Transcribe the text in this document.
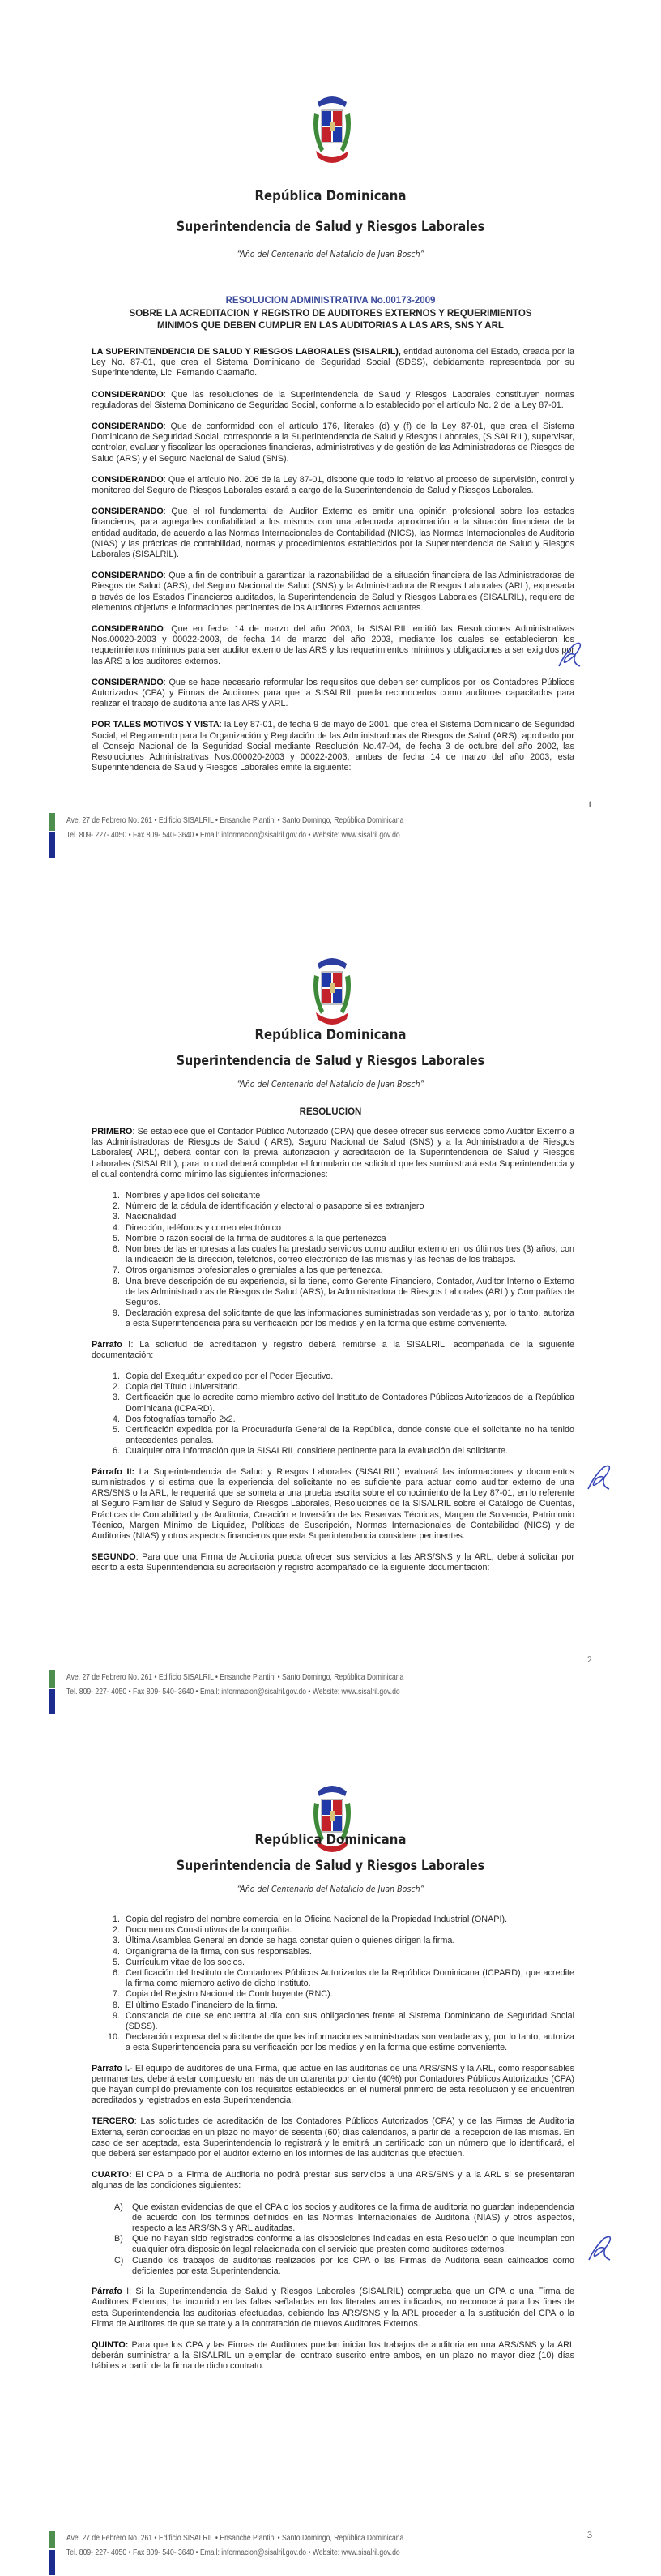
República Dominicana
Superintendencia de Salud y Riesgos Laborales
“Año del Centenario del Natalicio de Juan Bosch”
RESOLUCION ADMINISTRATIVA No.00173-2009
SOBRE LA ACREDITACION Y REGISTRO DE AUDITORES EXTERNOS Y REQUERIMIENTOS
MINIMOS QUE DEBEN CUMPLIR EN LAS AUDITORIAS A LAS ARS, SNS Y ARL

LA SUPERINTENDENCIA DE SALUD Y RIESGOS LABORALES (SISALRIL), entidad autónoma del Estado, creada por la Ley No. 87-01, que crea el Sistema Dominicano de Seguridad Social (SDSS), debidamente representada por su Superintendente, Lic. Fernando Caamaño.

CONSIDERANDO: Que las resoluciones de la Superintendencia de Salud y Riesgos Laborales constituyen normas reguladoras del Sistema Dominicano de Seguridad Social, conforme a lo establecido por el artículo No. 2 de la Ley 87-01.

CONSIDERANDO: Que de conformidad con el artículo 176, literales (d) y (f) de la Ley 87-01, que crea el Sistema Dominicano de Seguridad Social, corresponde a la Superintendencia de Salud y Riesgos Laborales, (SISALRIL), supervisar, controlar, evaluar y fiscalizar las operaciones financieras, administrativas y de gestión de las Administradoras de Riesgos de Salud (ARS) y el Seguro Nacional de Salud (SNS).

CONSIDERANDO: Que el artículo No. 206 de la Ley 87-01, dispone que todo lo relativo al proceso de supervisión, control y monitoreo del Seguro de Riesgos Laborales estará a cargo de la Superintendencia de Salud y Riesgos Laborales.

CONSIDERANDO: Que el rol fundamental del Auditor Externo es emitir una opinión profesional sobre los estados financieros, para agregarles confiabilidad a los mismos con una adecuada aproximación a la situación financiera de la entidad auditada, de acuerdo a las Normas Internacionales de Contabilidad (NICS), las Normas Internacionales de Auditoria (NIAS) y las prácticas de contabilidad, normas y procedimientos establecidos por la Superintendencia de Salud y Riesgos Laborales (SISALRIL).

CONSIDERANDO: Que a fin de contribuir a garantizar la razonabilidad de la situación financiera de las Administradoras de Riesgos de Salud (ARS), del Seguro Nacional de Salud (SNS) y la Administradora de Riesgos Laborales (ARL), expresada a través de los Estados Financieros auditados, la Superintendencia de Salud y Riesgos Laborales (SISALRIL), requiere de elementos objetivos e informaciones pertinentes de los Auditores Externos actuantes.

CONSIDERANDO: Que en fecha 14 de marzo del año 2003, la SISALRIL emitió las Resoluciones Administrativas Nos.00020-2003 y 00022-2003, de fecha 14 de marzo del año 2003, mediante los cuales se establecieron los requerimientos mínimos para ser auditor externo de las ARS y los requerimientos mínimos y obligaciones a ser exigidos por las ARS a los auditores externos.

CONSIDERANDO: Que se hace necesario reformular los requisitos que deben ser cumplidos por los Contadores Públicos Autorizados (CPA) y Firmas de Auditores para que la SISALRIL pueda reconocerlos como auditores capacitados para realizar el trabajo de auditoria ante las ARS y ARL.

POR TALES MOTIVOS Y VISTA: la Ley 87-01, de fecha 9 de mayo de 2001, que crea el Sistema Dominicano de Seguridad Social, el Reglamento para la Organización y Regulación de las Administradoras de Riesgos de Salud (ARS), aprobado por el Consejo Nacional de la Seguridad Social mediante Resolución No.47-04, de fecha 3 de octubre del año 2002, las Resoluciones Administrativas Nos.000020-2003 y 00022-2003, ambas de fecha 14 de marzo del año 2003, esta Superintendencia de Salud y Riesgos Laborales emite la siguiente:

1
Ave. 27 de Febrero No. 261 • Edificio SISALRIL • Ensanche Piantini • Santo Domingo, República Dominicana
Tel. 809- 227- 4050 • Fax 809- 540- 3640 • Email: informacion@sisalril.gov.do • Website: www.sisalril.gov.do
República Dominicana
Superintendencia de Salud y Riesgos Laborales
“Año del Centenario del Natalicio de Juan Bosch”
RESOLUCION

PRIMERO: Se establece que el Contador Público Autorizado (CPA) que desee ofrecer sus servicios como Auditor Externo a las Administradoras de Riesgos de Salud ( ARS), Seguro Nacional de Salud (SNS) y a la Administradora de Riesgos Laborales( ARL), deberá contar con la previa autorización y acreditación de la Superintendencia de Salud y Riesgos Laborales (SISALRIL), para lo cual deberá completar el formulario de solicitud que les suministrará esta Superintendencia y el cual contendrá como mínimo las siguientes informaciones:

1. Nombres y apellidos del solicitante
2. Número de la cédula de identificación y electoral o pasaporte si es extranjero
3. Nacionalidad
4. Dirección, teléfonos y correo electrónico
5. Nombre o razón social de la firma de auditores a la que pertenezca
6. Nombres de las empresas a las cuales ha prestado servicios como auditor externo en los últimos tres (3) años, con la indicación de la dirección, teléfonos, correo electrónico de las mismas y las fechas de los trabajos.
7. Otros organismos profesionales o gremiales a los que pertenezca.
8. Una breve descripción de su experiencia, si la tiene, como Gerente Financiero, Contador, Auditor Interno o Externo de las Administradoras de Riesgos de Salud (ARS), la Administradora de Riesgos Laborales (ARL) y Compañías de Seguros.
9. Declaración expresa del solicitante de que las informaciones suministradas son verdaderas y, por lo tanto, autoriza a esta Superintendencia para su verificación por los medios y en la forma que estime conveniente.

Párrafo I: La solicitud de acreditación y registro deberá remitirse a la SISALRIL, acompañada de la siguiente documentación:

1. Copia del Exequátur expedido por el Poder Ejecutivo.
2. Copia del Título Universitario.
3. Certificación que lo acredite como miembro activo del Instituto de Contadores Públicos Autorizados de la República Dominicana (ICPARD).
4. Dos fotografías tamaño 2x2.
5. Certificación expedida por la Procuraduría General de la República, donde conste que el solicitante no ha tenido antecedentes penales.
6. Cualquier otra información que la SISALRIL considere pertinente para la evaluación del solicitante.

Párrafo II: La Superintendencia de Salud y Riesgos Laborales (SISALRIL) evaluará las informaciones y documentos suministrados y si estima que la experiencia del solicitante no es suficiente para actuar como auditor externo de una ARS/SNS o la ARL, le requerirá que se someta a una prueba escrita sobre el conocimiento de la Ley 87-01, en lo referente al Seguro Familiar de Salud y Seguro de Riesgos Laborales, Resoluciones de la SISALRIL sobre el Catálogo de Cuentas, Prácticas de Contabilidad y de Auditoria, Creación e Inversión de las Reservas Técnicas, Margen de Solvencia, Patrimonio Técnico, Margen Mínimo de Liquidez, Políticas de Suscripción, Normas Internacionales de Contabilidad (NICS) y de Auditorias (NIAS) y otros aspectos financieros que esta Superintendencia considere pertinentes.

SEGUNDO: Para que una Firma de Auditoria pueda ofrecer sus servicios a las ARS/SNS y la ARL, deberá solicitar por escrito a esta Superintendencia su acreditación y registro acompañado de la siguiente documentación:

2
Ave. 27 de Febrero No. 261 • Edificio SISALRIL • Ensanche Piantini • Santo Domingo, República Dominicana
Tel. 809- 227- 4050 • Fax 809- 540- 3640 • Email: informacion@sisalril.gov.do • Website: www.sisalril.gov.do
República Dominicana
Superintendencia de Salud y Riesgos Laborales
“Año del Centenario del Natalicio de Juan Bosch”
1. Copia del registro del nombre comercial en la Oficina Nacional de la Propiedad Industrial (ONAPI).
2. Documentos Constitutivos de la compañía.
3. Última Asamblea General en donde se haga constar quien o quienes dirigen la firma.
4. Organigrama de la firma, con sus responsables.
5. Currículum vitae de los socios.
6. Certificación del Instituto de Contadores Públicos Autorizados de la República Dominicana (ICPARD), que acredite la firma como miembro activo de dicho Instituto.
7. Copia del Registro Nacional de Contribuyente (RNC).
8. El último Estado Financiero de la firma.
9. Constancia de que se encuentra al día con sus obligaciones frente al Sistema Dominicano de Seguridad Social (SDSS).
10. Declaración expresa del solicitante de que las informaciones suministradas son verdaderas y, por lo tanto, autoriza a esta Superintendencia para su verificación por los medios y en la forma que estime conveniente.

Párrafo I.- El equipo de auditores de una Firma, que actúe en las auditorias de una ARS/SNS y la ARL, como responsables permanentes, deberá estar compuesto en más de un cuarenta por ciento (40%) por Contadores Públicos Autorizados (CPA) que hayan cumplido previamente con los requisitos establecidos en el numeral primero de esta resolución y se encuentren acreditados y registrados en esta Superintendencia.

TERCERO: Las solicitudes de acreditación de los Contadores Públicos Autorizados (CPA) y de las Firmas de Auditoría Externa, serán conocidas en un plazo no mayor de sesenta (60) días calendarios, a partir de la recepción de las mismas. En caso de ser aceptada, esta Superintendencia lo registrará y le emitirá un certificado con un número que lo identificará, el que deberá ser estampado por el auditor externo en los informes de las auditorias que efectúen.

CUARTO: El CPA o la Firma de Auditoria no podrá prestar sus servicios a una ARS/SNS y a la ARL si se presentaran algunas de las condiciones siguientes:

A) Que existan evidencias de que el CPA o los socios y auditores de la firma de auditoria no guardan independencia de acuerdo con los términos definidos en las Normas Internacionales de Auditoria (NIAS) y otros aspectos, respecto a las ARS/SNS y ARL auditadas.
B) Que no hayan sido registrados conforme a las disposiciones indicadas en esta Resolución o que incumplan con cualquier otra disposición legal relacionada con el servicio que presten como auditores externos.
C) Cuando los trabajos de auditorias realizados por los CPA o las Firmas de Auditoria sean calificados como deficientes por esta Superintendencia.

Párrafo I: Si la Superintendencia de Salud y Riesgos Laborales (SISALRIL) comprueba que un CPA o una Firma de Auditores Externos, ha incurrido en las faltas señaladas en los literales antes indicados, no reconocerá para los fines de esta Superintendencia las auditorias efectuadas, debiendo las ARS/SNS y la ARL proceder a la sustitución del CPA o la Firma de Auditores de que se trate y a la contratación de nuevos Auditores Externos.

QUINTO: Para que los CPA y las Firmas de Auditores puedan iniciar los trabajos de auditoria en una ARS/SNS y la ARL deberán suministrar a la SISALRIL un ejemplar del contrato suscrito entre ambos, en un plazo no mayor diez (10) días hábiles a partir de la firma de dicho contrato.

3
Ave. 27 de Febrero No. 261 • Edificio SISALRIL • Ensanche Piantini • Santo Domingo, República Dominicana
Tel. 809- 227- 4050 • Fax 809- 540- 3640 • Email: informacion@sisalril.gov.do • Website: www.sisalril.gov.do
